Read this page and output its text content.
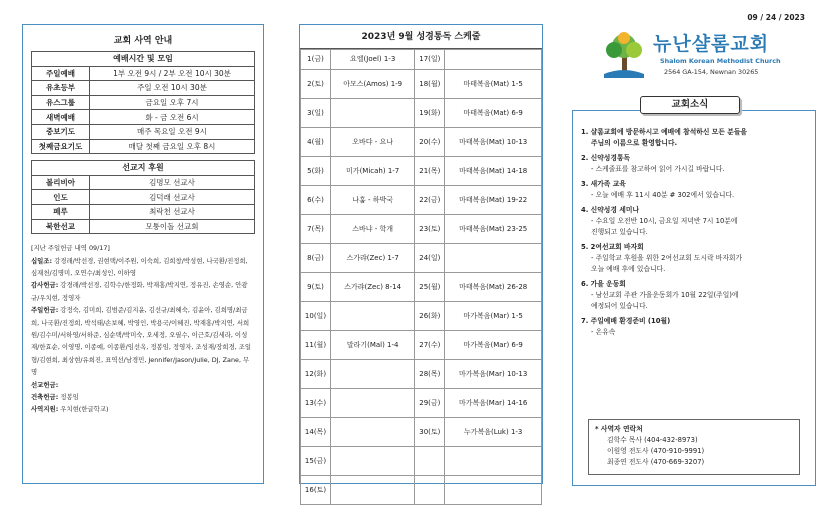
09 / 24 / 2023
뉴난샬롬교회
Shalom Korean Methodist Church
2564 GA-154, Newnan 30265
교회 사역 안내
예배시간 및 모임	
주일예배	1부 오전 9시 / 2부 오전 10시 30분
유초등부	주일 오전 10시 30분
유스그룹	금요일 오후 7시
새벽예배	화 - 금 오전 6시
중보기도	매주 목요일 오전 9시
첫째금요기도	매달 첫째 금요일 오후 8시
선교지 후원	
볼리비아	김명모 선교사
인도	김덕래 선교사
페루	최락천 선교사
북한선교	모퉁이돌 선교회
[지난 주일헌금 내역 09/17]
십일조: 강경래/박선경, 권현택/이주원, 이숙희, 김희창/박성현, 나국환/진정희, 심재천/김명미, 오연수/최성인, 이하영
감사헌금: 강경래/박선경, 김학수/한정화, 박재홍/박지연, 정유진, 손영순, 안광규/우치현, 정영자
주일헌금: 강정숙, 김미희, 김범준/김지윤, 김선규/최혜숙, 김윤아, 김희명/최금희, 나국환/진정희, 박석태/손보혜, 박영인, 박용국/이혜진, 박재홍/박지연, 서희원/김수미/서하영/서하준, 심순택/박미숙, 오세정, 오필수, 이근호/김세라, 이성재/한효순, 이영명, 이종예, 이종환/임선옥, 정봉임, 정영자, 조성재/장희경, 조일형/김현희, 최상현/유희진, 표역선/남경민, Jennifer/Jason/Julie, DJ, Zane, 무명
선교헌금:
건축헌금: 정봉임
사역지원: 우치현(한글학교)
2023년 9월 성경통독 스케줄
1(금)	요엘(Joel) 1-3	17(일)	
2(토)	아모스(Amos) 1-9	18(월)	마태복음(Mat) 1-5
3(일)		19(화)	마태복음(Mat) 6-9
4(월)	오바댜 - 요나	20(수)	마태복음(Mat) 10-13
5(화)	미가(Micah) 1-7	21(목)	마태복음(Mat) 14-18
6(수)	나훔 - 하박국	22(금)	마태복음(Mat) 19-22
7(목)	스바냐 - 학개	23(토)	마태복음(Mat) 23-25
8(금)	스가랴(Zec) 1-7	24(일)	
9(토)	스가랴(Zec) 8-14	25(월)	마태복음(Mat) 26-28
10(일)		26(화)	마가복음(Mar) 1-5
11(월)	말라기(Mal) 1-4	27(수)	마가복음(Mar) 6-9
12(화)		28(목)	마가복음(Mar) 10-13
13(수)		29(금)	마가복음(Mar) 14-16
14(목)		30(토)	누가복음(Luk) 1-3
15(금)			
16(토)			
1. 샬롬교회에 방문하시고 예배에 참석하신 모든 분들을
주님의 이름으로 환영합니다.
2. 신약성경통독
- 스케줄표를 참고하여 읽어 가시길 바랍니다.
3. 새가족 교육
- 오늘 예배 후 11시 40분 # 302에서 있습니다.
4. 신약성경 세미나
- 수요일 오전반 10시, 금요일 저녁반 7시 10분에
진행되고 있습니다.
5. 2여선교회 바자회
- 주일학교 후원을 위한 2여선교회 도시락 바자회가
오늘 예배 후에 있습니다.
6. 가을 운동회
- 남선교회 주관 가을운동회가 10월 22일(주일)에
예정되어 있습니다.
7. 주일예배 환경준비 (10월)
- 온유속
교회소식
* 사역자 연락처
김학수 목사 (404-432-8973)
이원영 전도사 (470-910-9991)
최종연 전도사 (470-669-3207)
